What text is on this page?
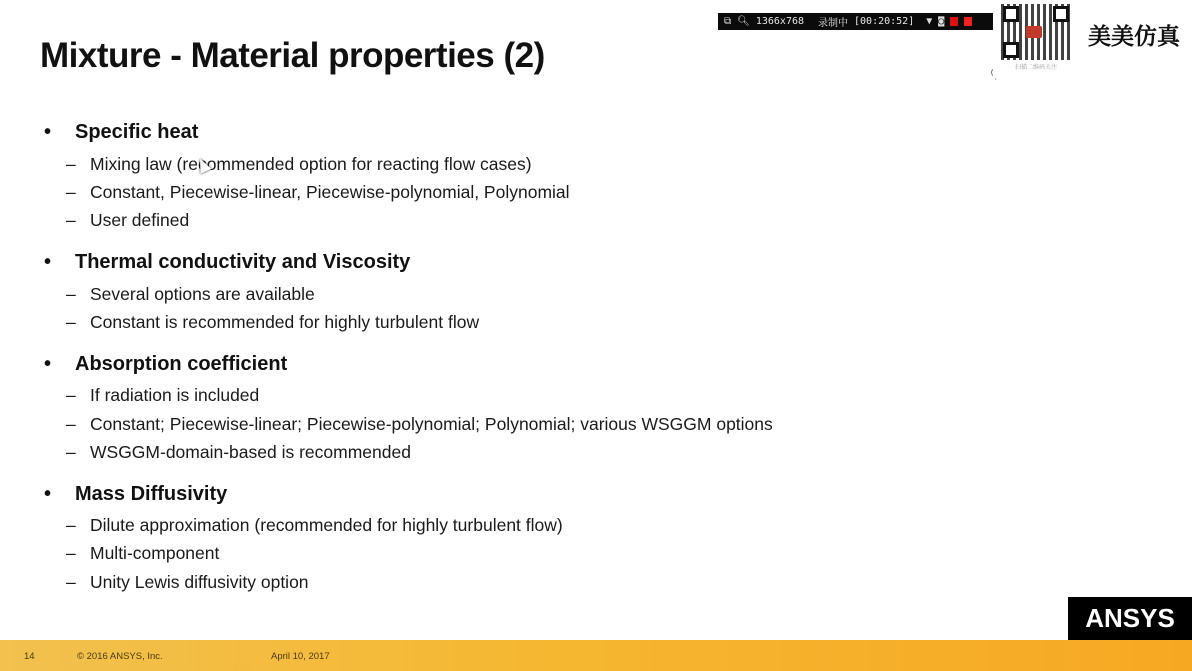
Mixture - Material properties (2)
•	Specific heat
– Mixing law (recommended option for reacting flow cases)
– Constant, Piecewise-linear, Piecewise-polynomial, Polynomial
– User defined
•	Thermal conductivity and Viscosity
– Several options are available
– Constant is recommended for highly turbulent flow
•	Absorption coefficient
– If radiation is included
– Constant; Piecewise-linear; Piecewise-polynomial; Polynomial; various WSGGM options
– WSGGM-domain-based is recommended
•	Mass Diffusivity
– Dilute approximation (recommended for highly turbulent flow)
– Multi-component
– Unity Lewis diffusivity option
⧉ 🔍︎ 1366x768 录制中 [00:20:52] ▼ ◙
扫描二维码关注
美美仿真
14	© 2016 ANSYS, Inc.	April 10, 2017
ANSYS
